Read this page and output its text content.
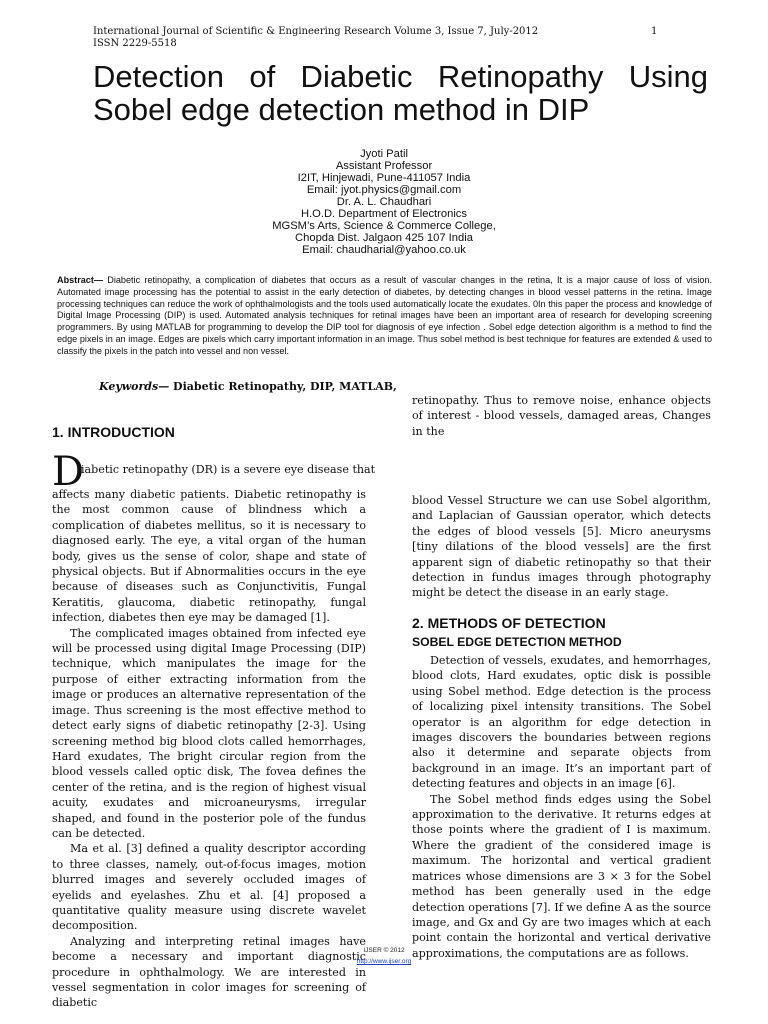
International Journal of Scientific & Engineering Research Volume 3, Issue 7, July-2012
ISSN 2229-5518
1
Detection of Diabetic Retinopathy Using Sobel edge detection method in DIP
Jyoti Patil
Assistant Professor
I2IT, Hinjewadi, Pune-411057 India
Email: jyot.physics@gmail.com
Dr. A. L. Chaudhari
H.O.D. Department of Electronics
MGSM’s Arts, Science & Commerce College,
Chopda Dist. Jalgaon 425 107 India
Email: chaudharial@yahoo.co.uk
Abstract— Diabetic retinopathy, a complication of diabetes that occurs as a result of vascular changes in the retina, It is a major cause of loss of vision. Automated image processing has the potential to assist in the early detection of diabetes, by detecting changes in blood vessel patterns in the retina. Image processing techniques can reduce the work of ophthalmologists and the tools used automatically locate the exudates. 0In this paper the process and knowledge of Digital Image Processing (DIP) is used. Automated analysis techniques for retinal images have been an important area of research for developing screening programmers. By using MATLAB for programming to develop the DIP tool for diagnosis of eye infection . Sobel edge detection algorithm is a method to find the edge pixels in an image. Edges are pixels which carry important information in an image. Thus sobel method is best technique for features are extended & used to classify the pixels in the patch into vessel and non vessel.
Keywords— Diabetic Retinopathy, DIP, MATLAB,
1. INTRODUCTION
D
iabetic retinopathy (DR) is a severe eye disease that

affects many diabetic patients. Diabetic retinopathy is the most common cause of blindness which a complication of diabetes mellitus, so it is necessary to diagnosed early. The eye, a vital organ of the human body, gives us the sense of color, shape and state of physical objects. But if Abnormalities occurs in the eye because of diseases such as Conjunctivitis, Fungal Keratitis, glaucoma, diabetic retinopathy, fungal infection, diabetes then eye may be damaged [1].

The complicated images obtained from infected eye will be processed using digital Image Processing (DIP) technique, which manipulates the image for the purpose of either extracting information from the image or produces an alternative representation of the image. Thus screening is the most effective method to detect early signs of diabetic retinopathy [2-3]. Using screening method big blood clots called hemorrhages, Hard exudates, The bright circular region from the blood vessels called optic disk, The fovea defines the center of the retina, and is the region of highest visual acuity, exudates and microaneurysms, irregular shaped, and found in the posterior pole of the fundus can be detected.

Ma et al. [3] defined a quality descriptor according to three classes, namely, out-of-focus images, motion blurred images and severely occluded images of eyelids and eyelashes. Zhu et al. [4] proposed a quantitative quality measure using discrete wavelet decomposition.

Analyzing and interpreting retinal images have become a necessary and important diagnostic procedure in ophthalmology. We are interested in vessel segmentation in color images for screening of diabetic

retinopathy. Thus to remove noise, enhance objects of interest - blood vessels, damaged areas, Changes in the

blood Vessel Structure we can use Sobel algorithm, and Laplacian of Gaussian operator, which detects the edges of blood vessels [5]. Micro aneurysms [tiny dilations of the blood vessels] are the first apparent sign of diabetic retinopathy so that their detection in fundus images through photography might be detect the disease in an early stage.

2. METHODS OF DETECTION
SOBEL EDGE DETECTION METHOD

Detection of vessels, exudates, and hemorrhages, blood clots, Hard exudates, optic disk is possible using Sobel method. Edge detection is the process of localizing pixel intensity transitions. The Sobel operator is an algorithm for edge detection in images discovers the boundaries between regions also it determine and separate objects from background in an image. It’s an important part of detecting features and objects in an image [6].

The Sobel method finds edges using the Sobel approximation to the derivative. It returns edges at those points where the gradient of I is maximum. Where the gradient of the considered image is maximum. The horizontal and vertical gradient matrices whose dimensions are 3 × 3 for the Sobel method has been generally used in the edge detection operations [7]. If we define A as the source image, and Gx and Gy are two images which at each point contain the horizontal and vertical derivative approximations, the computations are as follows.

IJSER © 2012
http://www.ijser.org
